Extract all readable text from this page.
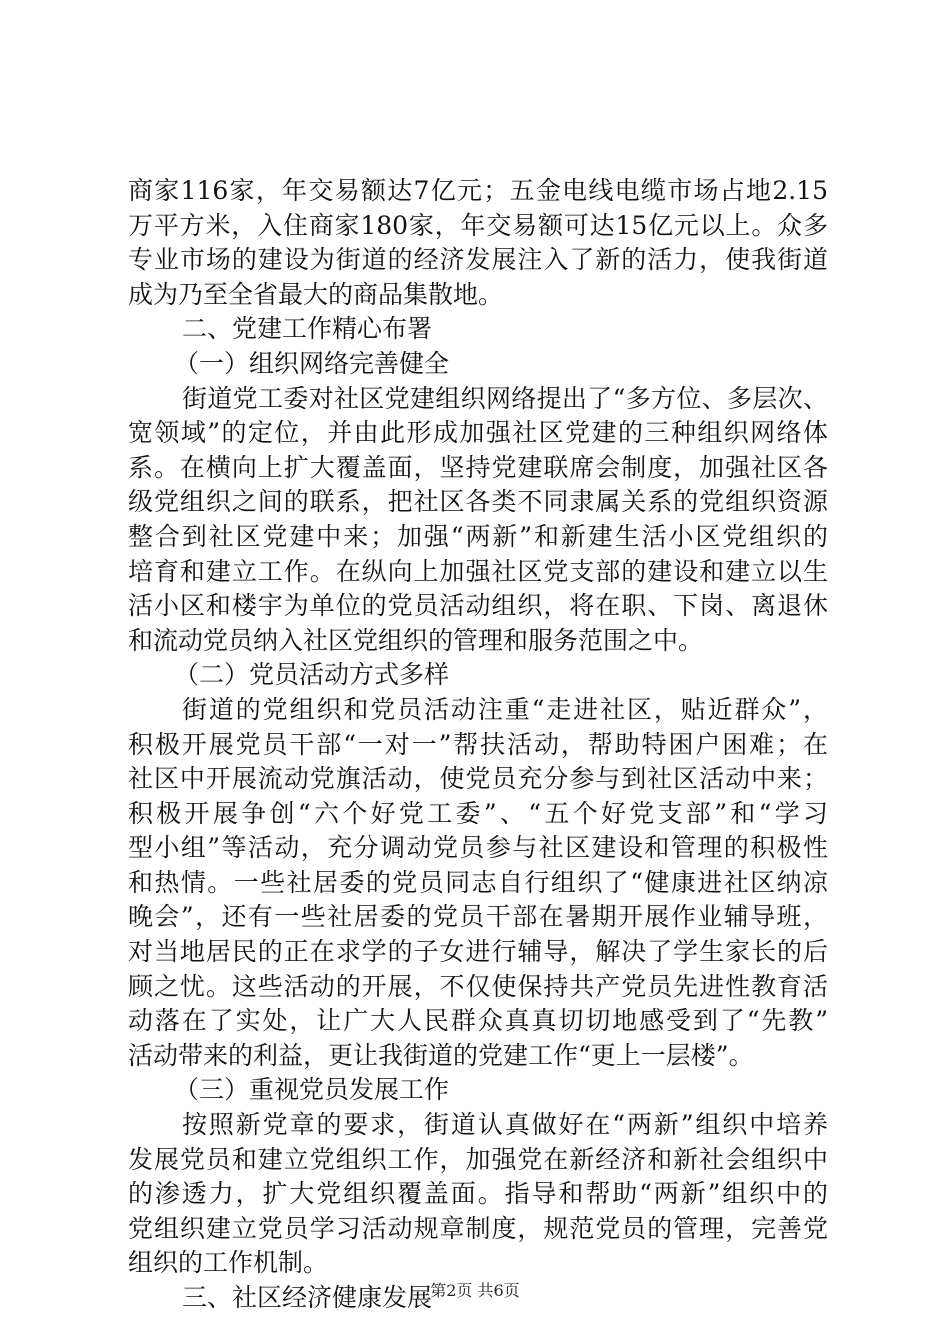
商家116家，年交易额达7亿元；五金电线电缆市场占地2.15
万平方米，入住商家180家，年交易额可达15亿元以上。众多
专业市场的建设为街道的经济发展注入了新的活力，使我街道
成为乃至全省最大的商品集散地。
二、党建工作精心布署
（一）组织网络完善健全
街道党工委对社区党建组织网络提出了“多方位、多层次、
宽领域”的定位，并由此形成加强社区党建的三种组织网络体
系。在横向上扩大覆盖面，坚持党建联席会制度，加强社区各
级党组织之间的联系，把社区各类不同隶属关系的党组织资源
整合到社区党建中来；加强“两新”和新建生活小区党组织的
培育和建立工作。在纵向上加强社区党支部的建设和建立以生
活小区和楼宇为单位的党员活动组织，将在职、下岗、离退休
和流动党员纳入社区党组织的管理和服务范围之中。
（二）党员活动方式多样
街道的党组织和党员活动注重“走进社区，贴近群众”，
积极开展党员干部“一对一”帮扶活动，帮助特困户困难；在
社区中开展流动党旗活动，使党员充分参与到社区活动中来；
积极开展争创“六个好党工委”、“五个好党支部”和“学习
型小组”等活动，充分调动党员参与社区建设和管理的积极性
和热情。一些社居委的党员同志自行组织了“健康进社区纳凉
晚会”，还有一些社居委的党员干部在暑期开展作业辅导班，
对当地居民的正在求学的子女进行辅导，解决了学生家长的后
顾之忧。这些活动的开展，不仅使保持共产党员先进性教育活
动落在了实处，让广大人民群众真真切切地感受到了“先教”
活动带来的利益，更让我街道的党建工作“更上一层楼”。
（三）重视党员发展工作
按照新党章的要求，街道认真做好在“两新”组织中培养
发展党员和建立党组织工作，加强党在新经济和新社会组织中
的渗透力，扩大党组织覆盖面。指导和帮助“两新”组织中的
党组织建立党员学习活动规章制度，规范党员的管理，完善党
组织的工作机制。
三、社区经济健康发展
第2页 共6页
